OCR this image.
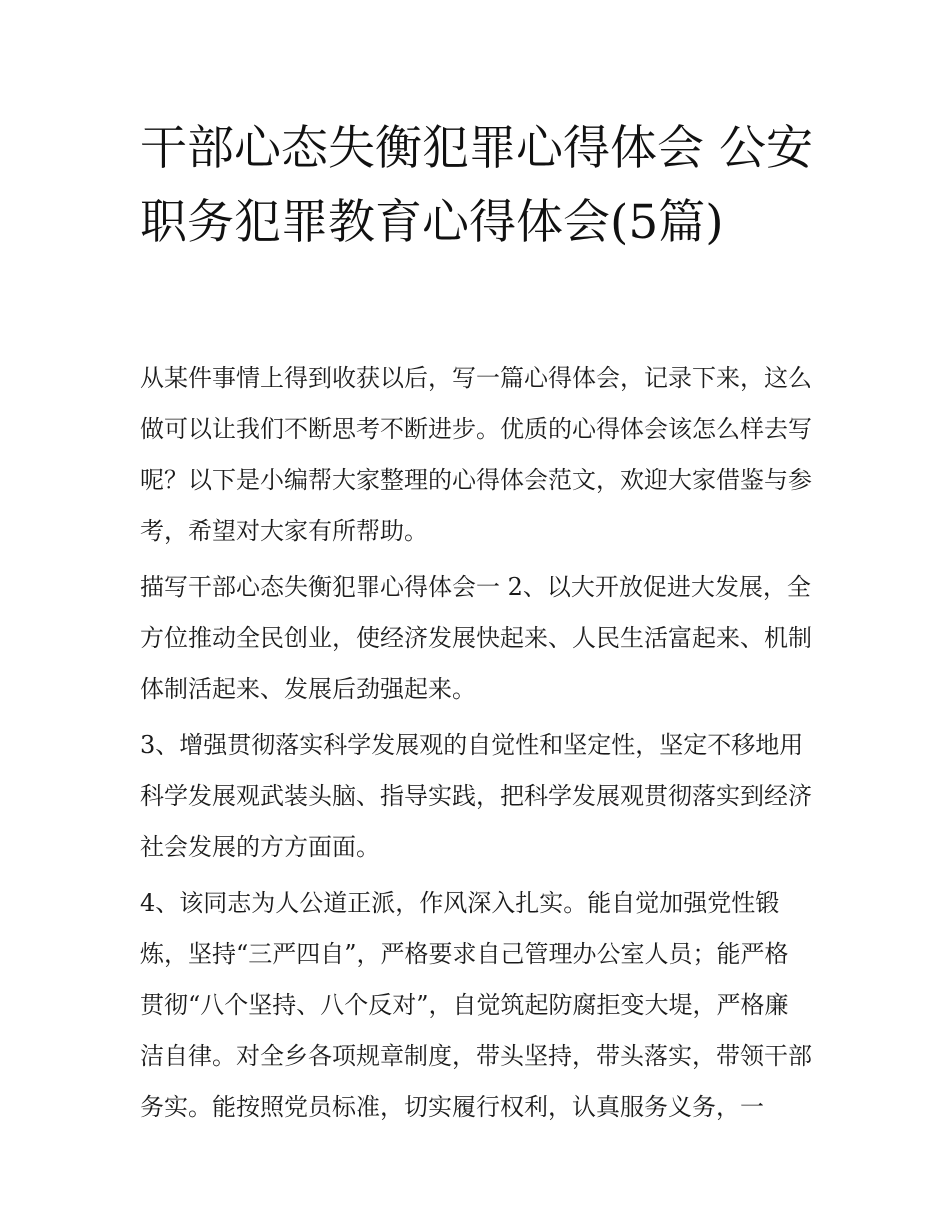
干部心态失衡犯罪心得体会 公安职务犯罪教育心得体会(5篇)

从某件事情上得到收获以后，写一篇心得体会，记录下来，这么做可以让我们不断思考不断进步。优质的心得体会该怎么样去写呢？以下是小编帮大家整理的心得体会范文，欢迎大家借鉴与参考，希望对大家有所帮助。

描写干部心态失衡犯罪心得体会一 2、以大开放促进大发展，全方位推动全民创业，使经济发展快起来、人民生活富起来、机制体制活起来、发展后劲强起来。

3、增强贯彻落实科学发展观的自觉性和坚定性，坚定不移地用科学发展观武装头脑、指导实践，把科学发展观贯彻落实到经济社会发展的方方面面。

4、该同志为人公道正派，作风深入扎实。能自觉加强党性锻炼，坚持“三严四自”，严格要求自己管理办公室人员；能严格贯彻“八个坚持、八个反对”，自觉筑起防腐拒变大堤，严格廉洁自律。对全乡各项规章制度，带头坚持，带头落实，带领干部务实。能按照党员标准，切实履行权利，认真服务义务，一
